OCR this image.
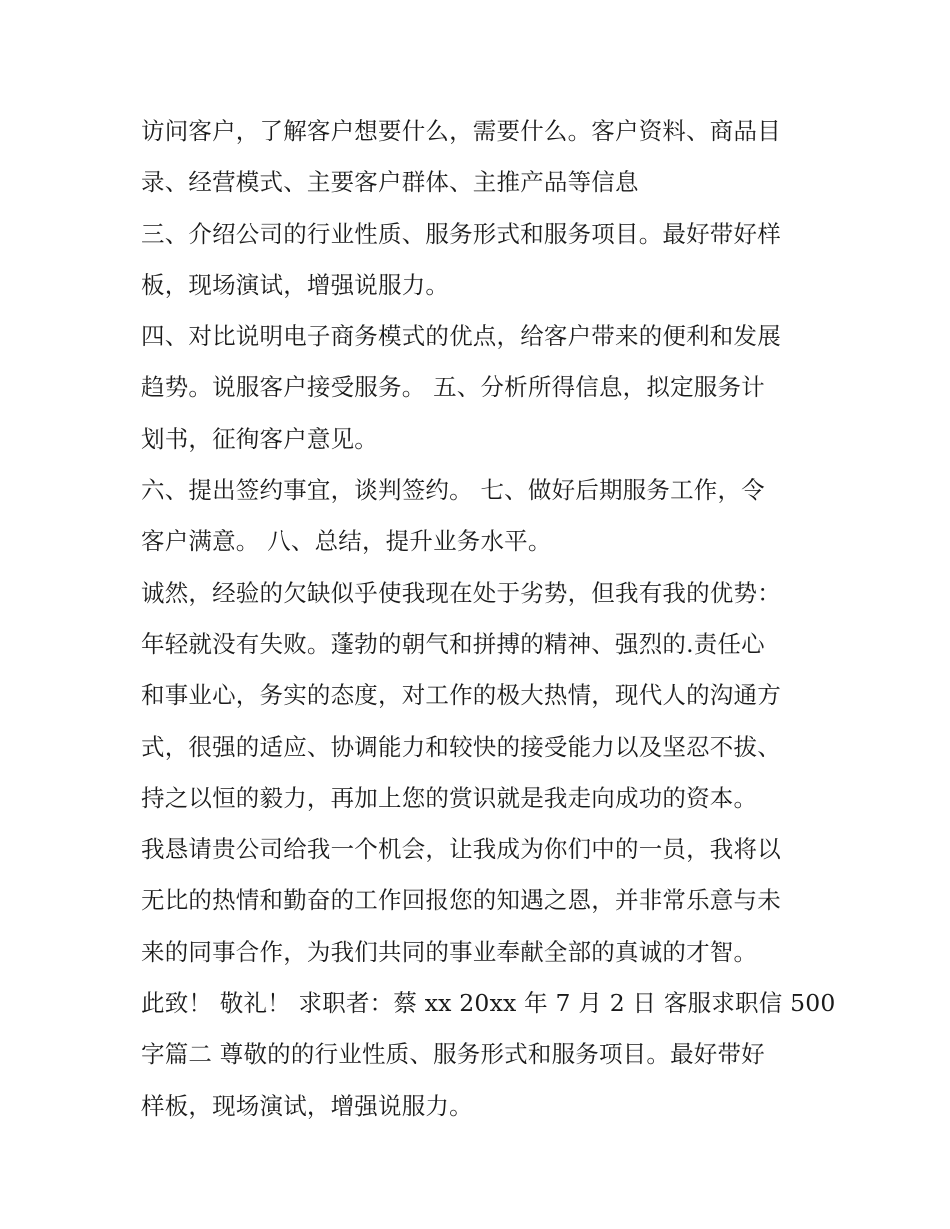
访问客户，了解客户想要什么，需要什么。客户资料、商品目
录、经营模式、主要客户群体、主推产品等信息

三、介绍公司的行业性质、服务形式和服务项目。最好带好样
板，现场演试，增强说服力。

四、对比说明电子商务模式的优点，给客户带来的便利和发展
趋势。说服客户接受服务。 五、分析所得信息，拟定服务计
划书，征徇客户意见。

六、提出签约事宜，谈判签约。 七、做好后期服务工作，令
客户满意。 八、总结，提升业务水平。

诚然，经验的欠缺似乎使我现在处于劣势，但我有我的优势：
年轻就没有失败。蓬勃的朝气和拼搏的精神、强烈的.责任心
和事业心，务实的态度，对工作的极大热情，现代人的沟通方
式，很强的适应、协调能力和较快的接受能力以及坚忍不拔、
持之以恒的毅力，再加上您的赏识就是我走向成功的资本。

我恳请贵公司给我一个机会，让我成为你们中的一员，我将以
无比的热情和勤奋的工作回报您的知遇之恩，并非常乐意与未
来的同事合作，为我们共同的事业奉献全部的真诚的才智。

此致！ 敬礼！ 求职者：蔡 xx 20xx 年 7 月 2 日 客服求职信 500
字篇二 尊敬的的行业性质、服务形式和服务项目。最好带好
样板，现场演试，增强说服力。
